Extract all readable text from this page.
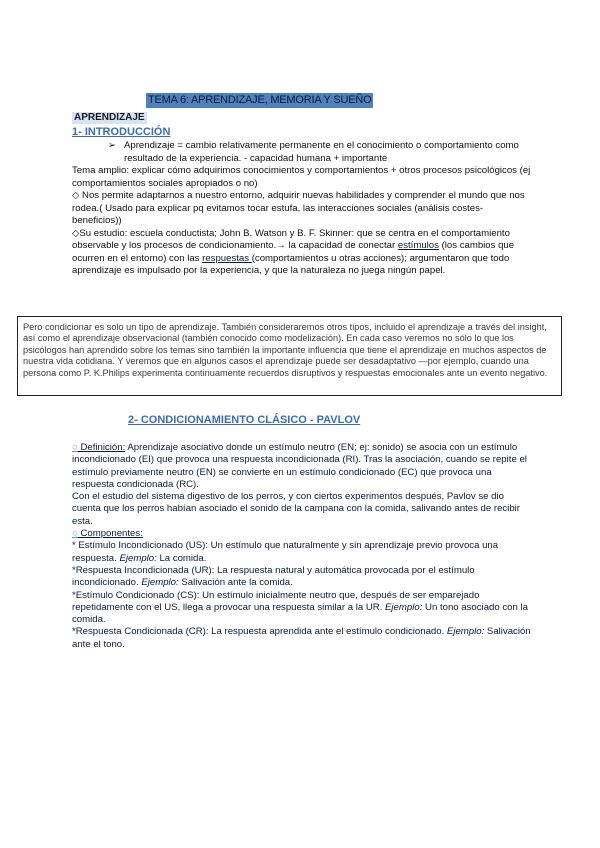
TEMA 6: APRENDIZAJE, MEMORIA Y SUEÑO
APRENDIZAJE
1- INTRODUCCIÓN
➢ Aprendizaje = cambio relativamente permanente en el conocimiento o comportamiento como resultado de la experiencia. - capacidad humana + importante

Tema amplio: explicar cómo adquirimos conocimientos y comportamientos + otros procesos psicológicos (ej comportamientos sociales apropiados o no)

◇ Nos permite adaptarnos a nuestro entorno, adquirir nuevas habilidades y comprender el mundo que nos rodea.( Usado para explicar pq evitamos tocar estufa, las interacciones sociales (análisis costes-beneficios))

◇Su estudio: escuela conductista; John B. Watson y B. F. Skinner: que se centra en el comportamiento observable y los procesos de condicionamiento.→ la capacidad de conectar estímulos (los cambios que ocurren en el entorno) con las respuestas (comportamientos u otras acciones); argumentaron que todo aprendizaje es impulsado por la experiencia, y que la naturaleza no juega ningún papel.

Pero condicionar es solo un tipo de aprendizaje. También consideraremos otros tipos, incluido el aprendizaje a través del insight, así como el aprendizaje observacional (también conocido como modelización). En cada caso veremos no sólo lo que los psicólogos han aprendido sobre los temas sino también la importante influencia que tiene el aprendizaje en muchos aspectos de nuestra vida cotidiana. Y veremos que en algunos casos el aprendizaje puede ser desadaptativo —por ejemplo, cuando una persona como P. K.Philips experimenta continuamente recuerdos disruptivos y respuestas emocionales ante un evento negativo.
2- CONDICIONAMIENTO CLÁSICO - PAVLOV

○ Definición: Aprendizaje asociativo donde un estímulo neutro (EN; ej: sonido) se asocia con un estímulo incondicionado (EI) que provoca una respuesta incondicionada (RI). Tras la asociación, cuando se repite el estímulo previamente neutro (EN) se convierte en un estímulo condicionado (EC) que provoca una respuesta condicionada (RC).

Con el estudio del sistema digestivo de los perros, y con ciertos experimentos después, Pavlov se dio cuenta que los perros habían asociado el sonido de la campana con la comida, salivando antes de recibir esta.

○ Componentes:

* Estímulo Incondicionado (US): Un estímulo que naturalmente y sin aprendizaje previo provoca una respuesta. Ejemplo: La comida.

*Respuesta Incondicionada (UR): La respuesta natural y automática provocada por el estímulo incondicionado. Ejemplo: Salivación ante la comida.

*Estímulo Condicionado (CS): Un estímulo inicialmente neutro que, después de ser emparejado repetidamente con el US, llega a provocar una respuesta similar a la UR. Ejemplo: Un tono asociado con la comida.

*Respuesta Condicionada (CR): La respuesta aprendida ante el estímulo condicionado. Ejemplo: Salivación ante el tono.
